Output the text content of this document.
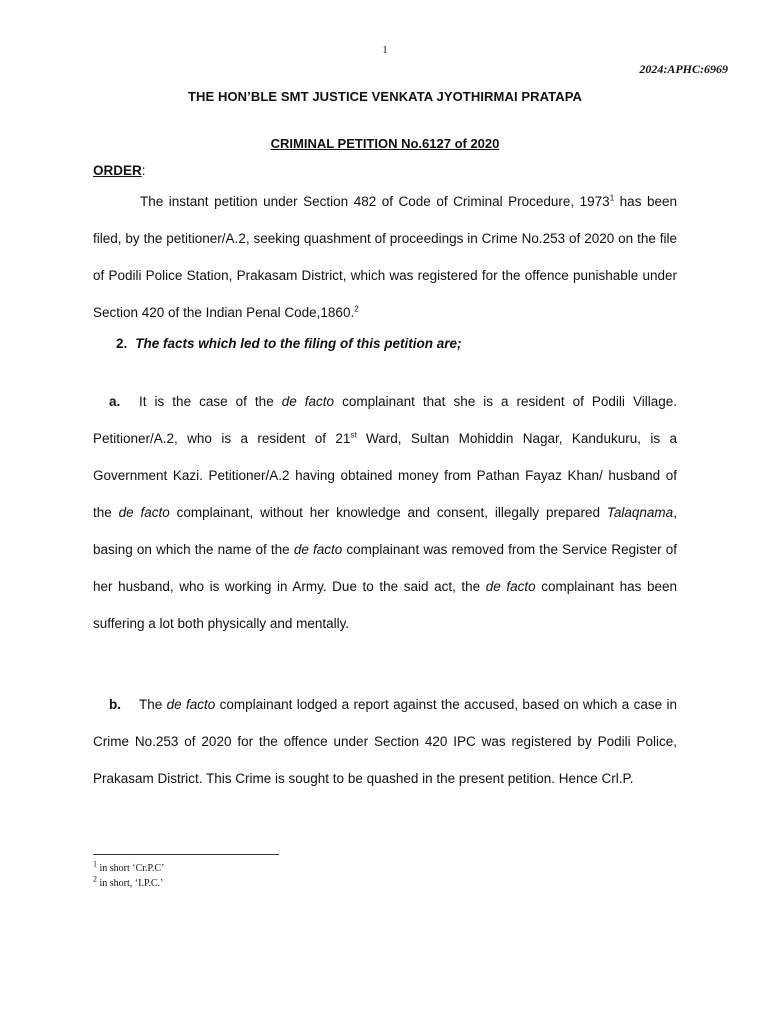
1
2024:APHC:6969
THE HON’BLE SMT JUSTICE VENKATA JYOTHIRMAI PRATAPA
CRIMINAL PETITION No.6127 of 2020
ORDER:
The instant petition under Section 482 of Code of Criminal Procedure, 1973$^1$ has been filed, by the petitioner/A.2, seeking quashment of proceedings in Crime No.253 of 2020 on the file of Podili Police Station, Prakasam District, which was registered for the offence punishable under Section 420 of the Indian Penal Code,1860.$^2$
2. The facts which led to the filing of this petition are;
a. It is the case of the de facto complainant that she is a resident of Podili Village. Petitioner/A.2, who is a resident of 21st Ward, Sultan Mohiddin Nagar, Kandukuru, is a Government Kazi. Petitioner/A.2 having obtained money from Pathan Fayaz Khan/ husband of the de facto complainant, without her knowledge and consent, illegally prepared Talaqnama, basing on which the name of the de facto complainant was removed from the Service Register of her husband, who is working in Army. Due to the said act, the de facto complainant has been suffering a lot both physically and mentally.
b. The de facto complainant lodged a report against the accused, based on which a case in Crime No.253 of 2020 for the offence under Section 420 IPC was registered by Podili Police, Prakasam District. This Crime is sought to be quashed in the present petition. Hence Crl.P.
$^1$ in short ‘Cr.P.C’
$^2$ in short, ‘I.P.C.’
